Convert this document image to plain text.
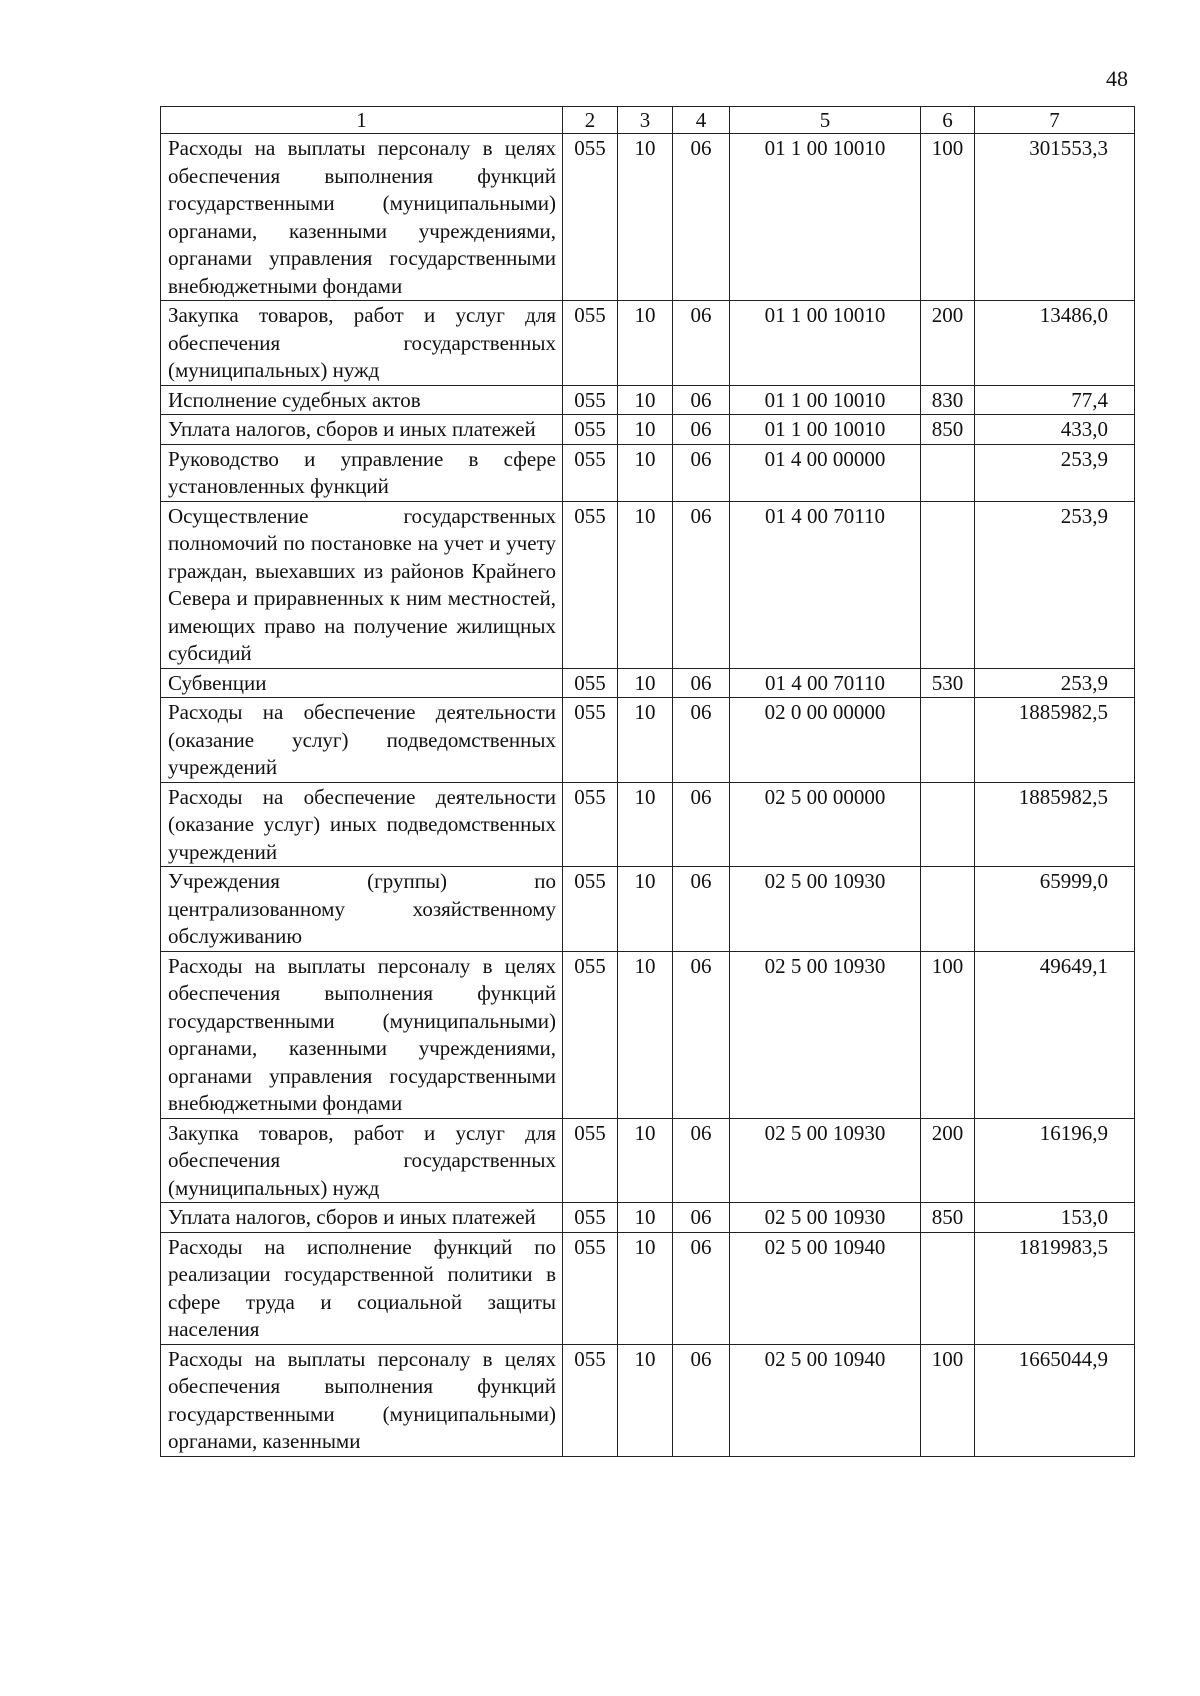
48
1	2	3	4	5	6	7
Расходы на выплаты персоналу в целях обеспечения выполнения функций государственными (муниципальными) органами, казенными учреждениями, органами управления государственными внебюджетными фондами	055	10	06	01 1 00 10010	100	301553,3
Закупка товаров, работ и услуг для обеспечения государственных (муниципальных) нужд	055	10	06	01 1 00 10010	200	13486,0
Исполнение судебных актов	055	10	06	01 1 00 10010	830	77,4
Уплата налогов, сборов и иных платежей	055	10	06	01 1 00 10010	850	433,0
Руководство и управление в сфере установленных функций	055	10	06	01 4 00 00000		253,9
Осуществление государственных полномочий по постановке на учет и учету граждан, выехавших из районов Крайнего Севера и приравненных к ним местностей, имеющих право на получение жилищных субсидий	055	10	06	01 4 00 70110		253,9
Субвенции	055	10	06	01 4 00 70110	530	253,9
Расходы на обеспечение деятельности (оказание услуг) подведомственных учреждений	055	10	06	02 0 00 00000		1885982,5
Расходы на обеспечение деятельности (оказание услуг) иных подведомственных учреждений	055	10	06	02 5 00 00000		1885982,5
Учреждения (группы) по централизованному хозяйственному обслуживанию	055	10	06	02 5 00 10930		65999,0
Расходы на выплаты персоналу в целях обеспечения выполнения функций государственными (муниципальными) органами, казенными учреждениями, органами управления государственными внебюджетными фондами	055	10	06	02 5 00 10930	100	49649,1
Закупка товаров, работ и услуг для обеспечения государственных (муниципальных) нужд	055	10	06	02 5 00 10930	200	16196,9
Уплата налогов, сборов и иных платежей	055	10	06	02 5 00 10930	850	153,0
Расходы на исполнение функций по реализации государственной политики в сфере труда и социальной защиты населения	055	10	06	02 5 00 10940		1819983,5
Расходы на выплаты персоналу в целях обеспечения выполнения функций государственными (муниципальными) органами, казенными	055	10	06	02 5 00 10940	100	1665044,9
